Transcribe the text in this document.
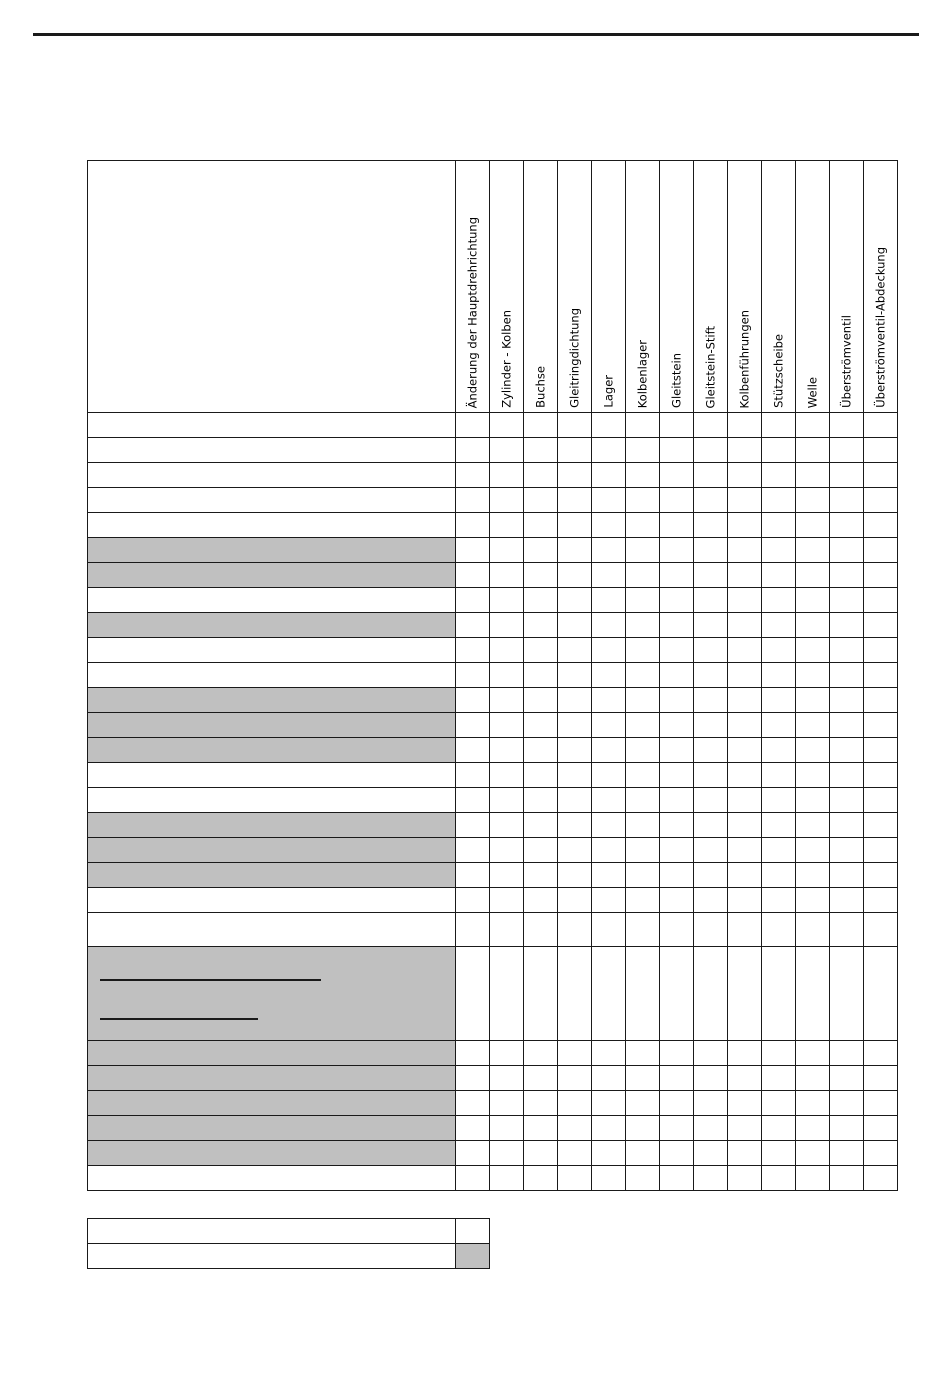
	Änderung der Hauptdrehrichtung	Zylinder - Kolben	Buchse	Gleitringdichtung	Lager	Kolbenlager	Gleitstein	Gleitstein-Stift	Kolbenführungen	Stützscheibe	Welle	Überströmventil	Überströmventil-Abdeckung
